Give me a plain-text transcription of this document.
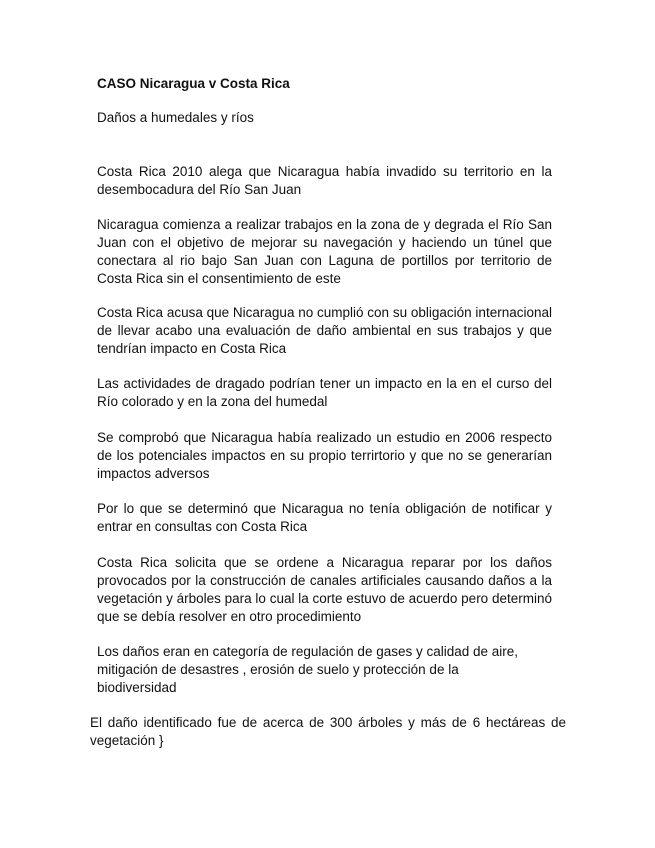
CASO Nicaragua v Costa Rica

Daños a humedales y ríos

Costa Rica 2010 alega que Nicaragua había invadido su territorio en la desembocadura del Río San Juan

Nicaragua comienza a realizar trabajos en la zona de y degrada el Río San Juan con el objetivo de mejorar su navegación y haciendo un túnel que conectara al rio bajo San Juan con Laguna de portillos por territorio de Costa Rica sin el consentimiento de este

Costa Rica acusa que Nicaragua no cumplió con su obligación internacional de llevar acabo una evaluación de daño ambiental en sus trabajos y que tendrían impacto en Costa Rica

Las actividades de dragado podrían tener un impacto en la en el curso del Río colorado y en la zona del humedal

Se comprobó que Nicaragua había realizado un estudio en 2006 respecto de los potenciales impactos en su propio terrirtorio y que no se generarían impactos adversos

Por lo que se determinó que Nicaragua no tenía obligación de notificar y entrar en consultas con Costa Rica

Costa Rica solicita que se ordene a Nicaragua reparar por los daños provocados por la construcción de canales artificiales causando daños a la vegetación y árboles para lo cual la corte estuvo de acuerdo pero determinó que se debía resolver en otro procedimiento

Los daños eran en categoría de regulación de gases y calidad de aire, mitigación de desastres , erosión de suelo y protección de la biodiversidad

El daño identificado fue de acerca de 300 árboles y más de 6 hectáreas de vegetación }
